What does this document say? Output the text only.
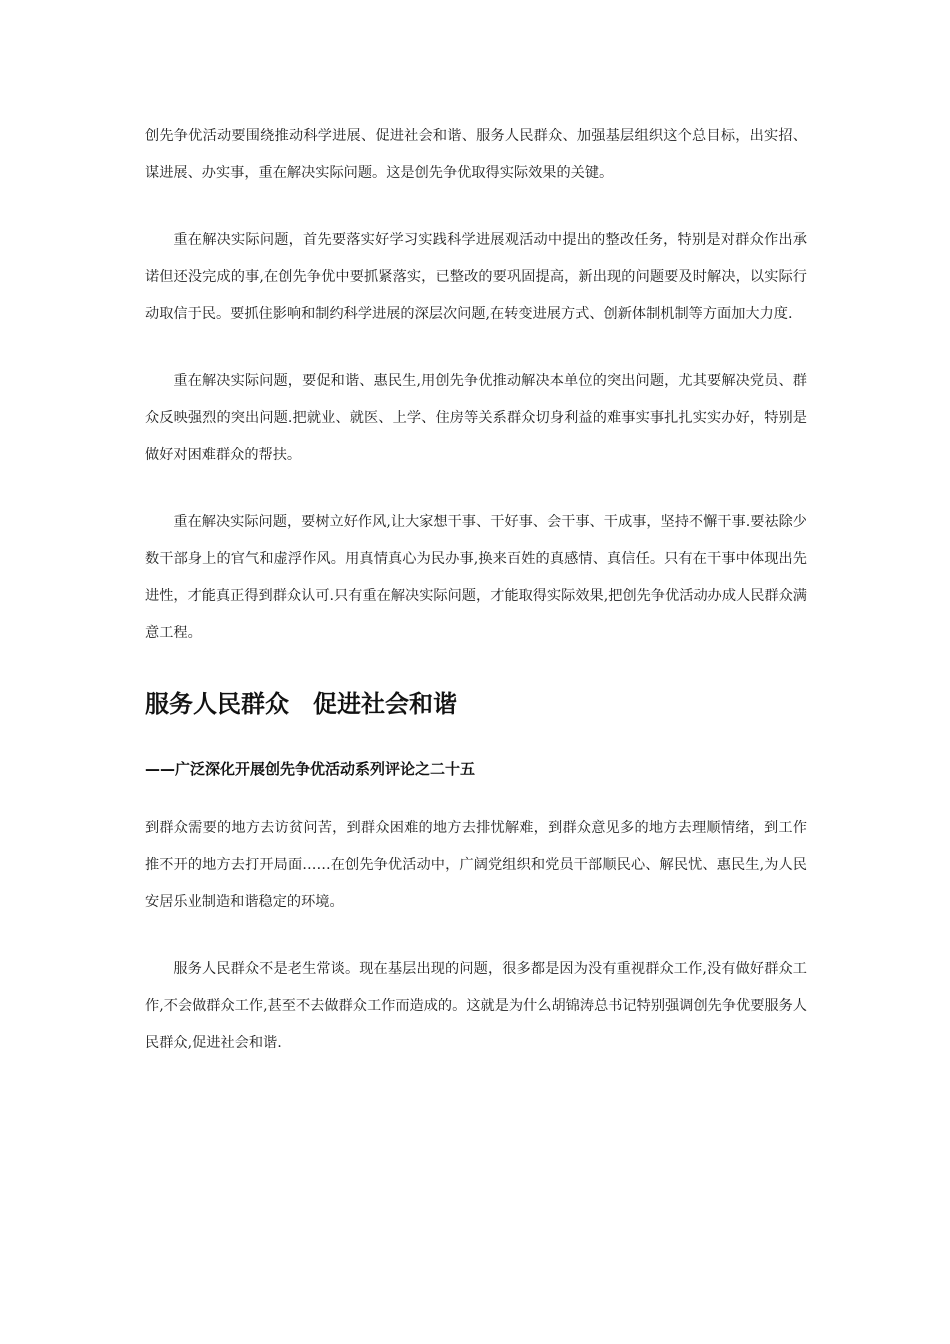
创先争优活动要围绕推动科学进展、促进社会和谐、服务人民群众、加强基层组织这个总目标，出实招、谋进展、办实事，重在解决实际问题。这是创先争优取得实际效果的关键。

重在解决实际问题，首先要落实好学习实践科学进展观活动中提出的整改任务，特别是对群众作出承诺但还没完成的事,在创先争优中要抓紧落实，已整改的要巩固提高，新出现的问题要及时解决，以实际行动取信于民。要抓住影响和制约科学进展的深层次问题,在转变进展方式、创新体制机制等方面加大力度.

重在解决实际问题，要促和谐、惠民生,用创先争优推动解决本单位的突出问题，尤其要解决党员、群众反映强烈的突出问题.把就业、就医、上学、住房等关系群众切身利益的难事实事扎扎实实办好，特别是做好对困难群众的帮扶。

重在解决实际问题，要树立好作风,让大家想干事、干好事、会干事、干成事，坚持不懈干事.要祛除少数干部身上的官气和虚浮作风。用真情真心为民办事,换来百姓的真感情、真信任。只有在干事中体现出先进性，才能真正得到群众认可.只有重在解决实际问题，才能取得实际效果,把创先争优活动办成人民群众满意工程。

服务人民群众　促进社会和谐
——广泛深化开展创先争优活动系列评论之二十五

到群众需要的地方去访贫问苦，到群众困难的地方去排忧解难，到群众意见多的地方去理顺情绪，到工作推不开的地方去打开局面……在创先争优活动中，广阔党组织和党员干部顺民心、解民忧、惠民生,为人民安居乐业制造和谐稳定的环境。

服务人民群众不是老生常谈。现在基层出现的问题，很多都是因为没有重视群众工作,没有做好群众工作,不会做群众工作,甚至不去做群众工作而造成的。这就是为什么胡锦涛总书记特别强调创先争优要服务人民群众,促进社会和谐.
